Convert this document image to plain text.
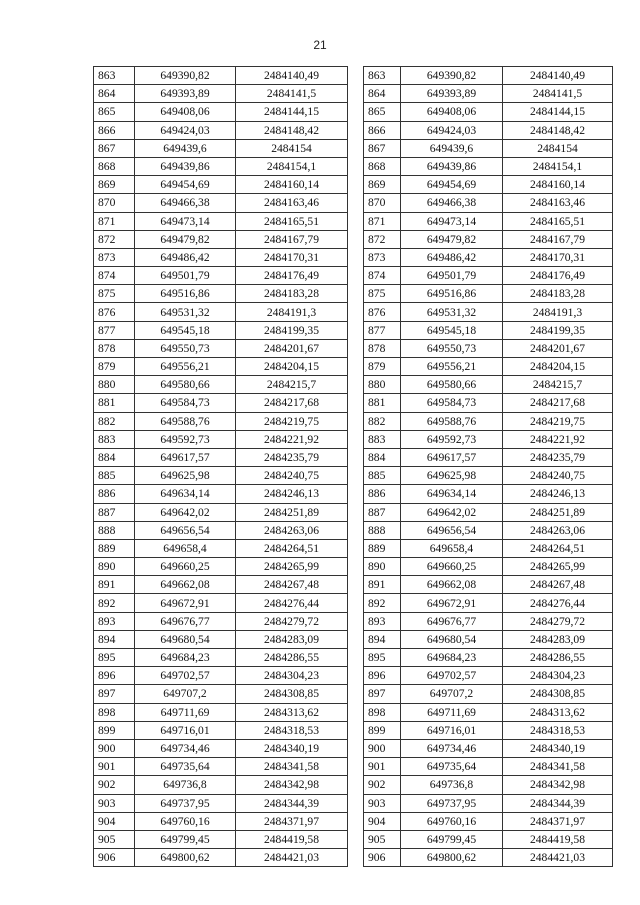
21
863	649390,82	2484140,49
864	649393,89	2484141,5
865	649408,06	2484144,15
866	649424,03	2484148,42
867	649439,6	2484154
868	649439,86	2484154,1
869	649454,69	2484160,14
870	649466,38	2484163,46
871	649473,14	2484165,51
872	649479,82	2484167,79
873	649486,42	2484170,31
874	649501,79	2484176,49
875	649516,86	2484183,28
876	649531,32	2484191,3
877	649545,18	2484199,35
878	649550,73	2484201,67
879	649556,21	2484204,15
880	649580,66	2484215,7
881	649584,73	2484217,68
882	649588,76	2484219,75
883	649592,73	2484221,92
884	649617,57	2484235,79
885	649625,98	2484240,75
886	649634,14	2484246,13
887	649642,02	2484251,89
888	649656,54	2484263,06
889	649658,4	2484264,51
890	649660,25	2484265,99
891	649662,08	2484267,48
892	649672,91	2484276,44
893	649676,77	2484279,72
894	649680,54	2484283,09
895	649684,23	2484286,55
896	649702,57	2484304,23
897	649707,2	2484308,85
898	649711,69	2484313,62
899	649716,01	2484318,53
900	649734,46	2484340,19
901	649735,64	2484341,58
902	649736,8	2484342,98
903	649737,95	2484344,39
904	649760,16	2484371,97
905	649799,45	2484419,58
906	649800,62	2484421,03
863	649390,82	2484140,49
864	649393,89	2484141,5
865	649408,06	2484144,15
866	649424,03	2484148,42
867	649439,6	2484154
868	649439,86	2484154,1
869	649454,69	2484160,14
870	649466,38	2484163,46
871	649473,14	2484165,51
872	649479,82	2484167,79
873	649486,42	2484170,31
874	649501,79	2484176,49
875	649516,86	2484183,28
876	649531,32	2484191,3
877	649545,18	2484199,35
878	649550,73	2484201,67
879	649556,21	2484204,15
880	649580,66	2484215,7
881	649584,73	2484217,68
882	649588,76	2484219,75
883	649592,73	2484221,92
884	649617,57	2484235,79
885	649625,98	2484240,75
886	649634,14	2484246,13
887	649642,02	2484251,89
888	649656,54	2484263,06
889	649658,4	2484264,51
890	649660,25	2484265,99
891	649662,08	2484267,48
892	649672,91	2484276,44
893	649676,77	2484279,72
894	649680,54	2484283,09
895	649684,23	2484286,55
896	649702,57	2484304,23
897	649707,2	2484308,85
898	649711,69	2484313,62
899	649716,01	2484318,53
900	649734,46	2484340,19
901	649735,64	2484341,58
902	649736,8	2484342,98
903	649737,95	2484344,39
904	649760,16	2484371,97
905	649799,45	2484419,58
906	649800,62	2484421,03
